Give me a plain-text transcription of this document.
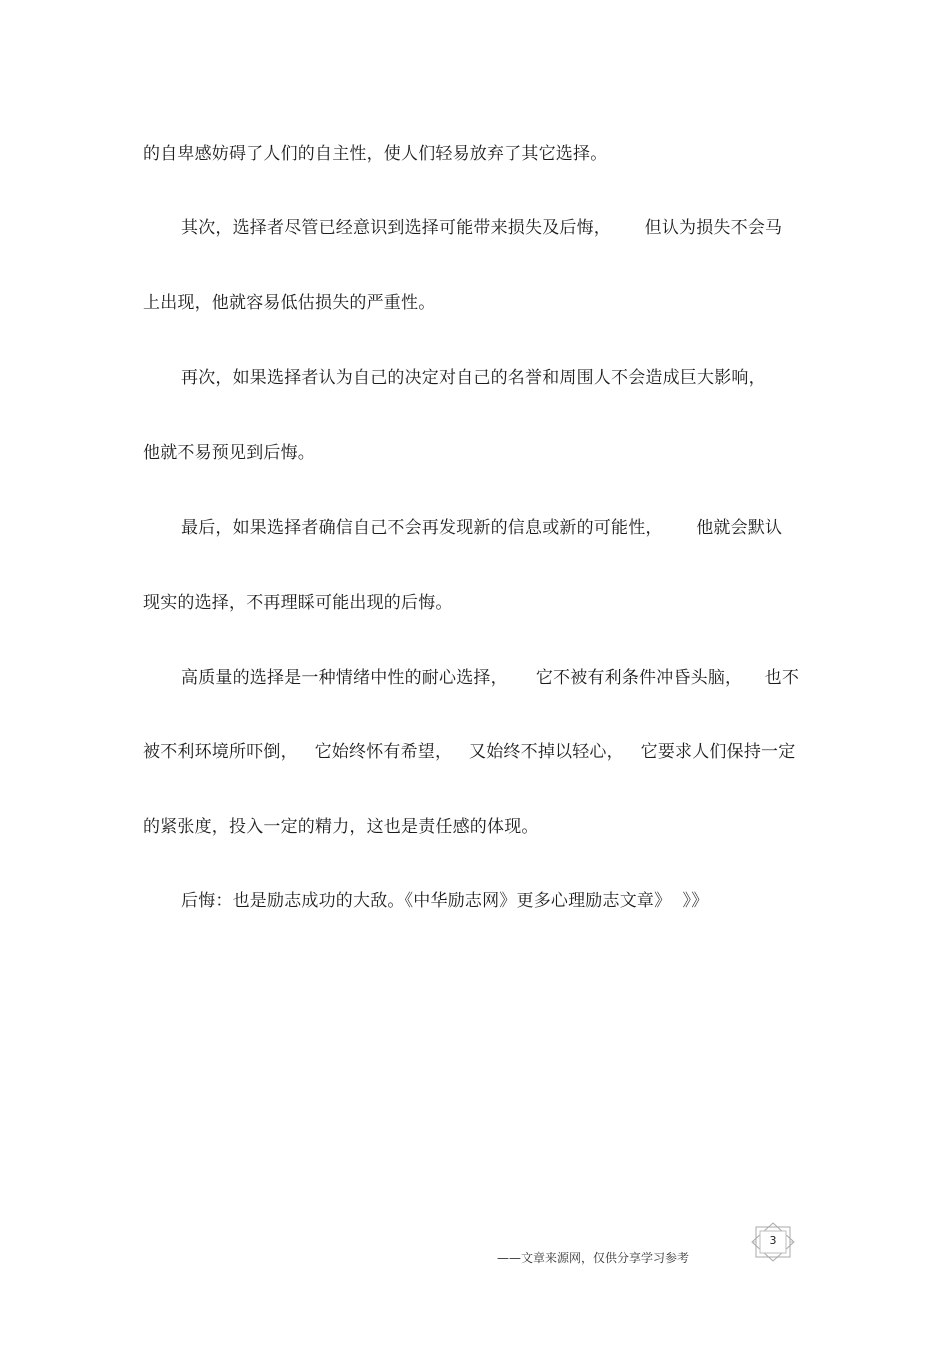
的自卑感妨碍了人们的自主性，使人们轻易放弃了其它选择。
其次，选择者尽管已经意识到选择可能带来损失及后悔，      但认为损失不会马
上出现，他就容易低估损失的严重性。
再次，如果选择者认为自己的决定对自己的名誉和周围人不会造成巨大影响，
他就不易预见到后悔。
最后，如果选择者确信自己不会再发现新的信息或新的可能性，      他就会默认
现实的选择，不再理睬可能出现的后悔。
高质量的选择是一种情绪中性的耐心选择，     它不被有利条件冲昏头脑，    也不
被不利环境所吓倒，   它始终怀有希望，   又始终不掉以轻心，   它要求人们保持一定
的紧张度，投入一定的精力，这也是责任感的体现。
后悔：也是励志成功的大敌。《中华励志网》更多心理励志文章》  》》
——文章来源网，仅供分享学习参考
3
